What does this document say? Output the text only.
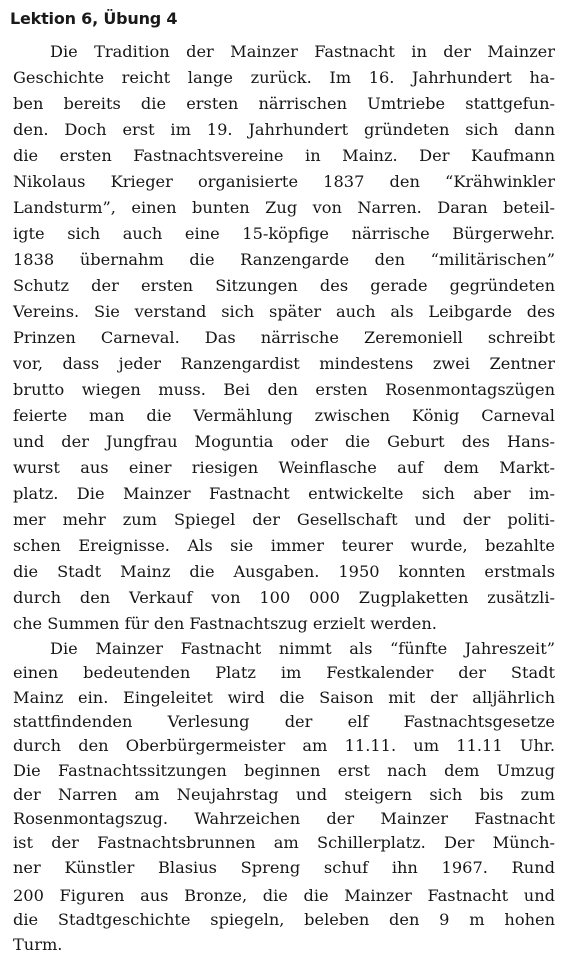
Lektion 6, Übung 4

Die Tradition der Mainzer Fastnacht in der Mainzer

Geschichte reicht lange zurück. Im 16. Jahrhundert ha-

ben bereits die ersten närrischen Umtriebe stattgefun-

den. Doch erst im 19. Jahrhundert gründeten sich dann

die ersten Fastnachtsvereine in Mainz. Der Kaufmann

Nikolaus Krieger organisierte 1837 den “Krähwinkler

Landsturm”, einen bunten Zug von Narren. Daran beteil-

igte sich auch eine 15-köpfige närrische Bürgerwehr.

1838 übernahm die Ranzengarde den “militärischen”

Schutz der ersten Sitzungen des gerade gegründeten

Vereins. Sie verstand sich später auch als Leibgarde des

Prinzen Carneval. Das närrische Zeremoniell schreibt

vor, dass jeder Ranzengardist mindestens zwei Zentner

brutto wiegen muss. Bei den ersten Rosenmontagszügen

feierte man die Vermählung zwischen König Carneval

und der Jungfrau Moguntia oder die Geburt des Hans-

wurst aus einer riesigen Weinflasche auf dem Markt-

platz. Die Mainzer Fastnacht entwickelte sich aber im-

mer mehr zum Spiegel der Gesellschaft und der politi-

schen Ereignisse. Als sie immer teurer wurde, bezahlte

die Stadt Mainz die Ausgaben. 1950 konnten erstmals

durch den Verkauf von 100 000 Zugplaketten zusätzli-

che Summen für den Fastnachtszug erzielt werden.

Die Mainzer Fastnacht nimmt als “fünfte Jahreszeit”

einen bedeutenden Platz im Festkalender der Stadt

Mainz ein. Eingeleitet wird die Saison mit der alljährlich

stattfindenden Verlesung der elf Fastnachtsgesetze

durch den Oberbürgermeister am 11.11. um 11.11 Uhr.

Die Fastnachtssitzungen beginnen erst nach dem Umzug

der Narren am Neujahrstag und steigern sich bis zum

Rosenmontagszug. Wahrzeichen der Mainzer Fastnacht

ist der Fastnachtsbrunnen am Schillerplatz. Der Münch-

ner Künstler Blasius Spreng schuf ihn 1967. Rund

200 Figuren aus Bronze, die die Mainzer Fastnacht und

die Stadtgeschichte spiegeln, beleben den 9 m hohen

Turm.
